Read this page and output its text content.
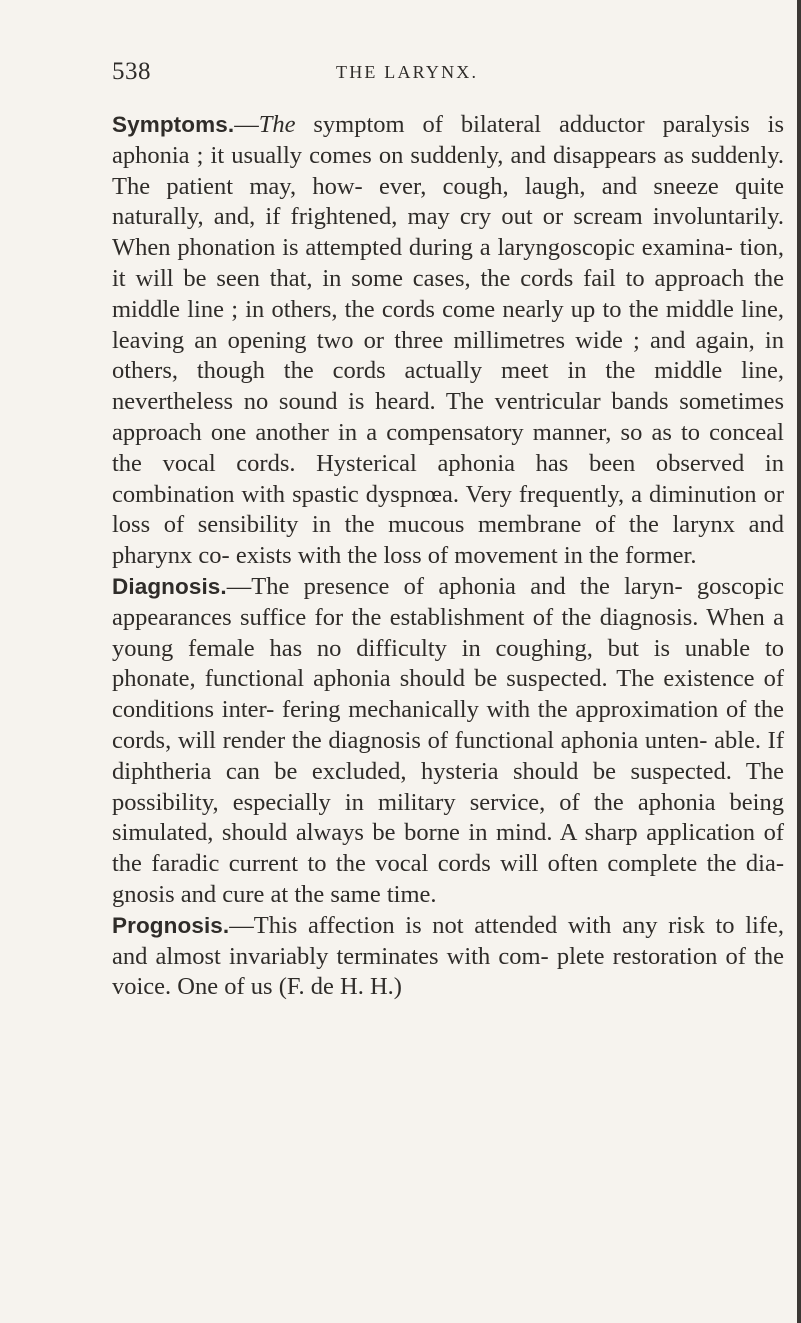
538	THE LARYNX.

Symptoms.—The symptom of bilateral adductor paralysis is aphonia ; it usually comes on suddenly, and disappears as suddenly. The patient may, how- ever, cough, laugh, and sneeze quite naturally, and, if frightened, may cry out or scream involuntarily. When phonation is attempted during a laryngoscopic examina- tion, it will be seen that, in some cases, the cords fail to approach the middle line ; in others, the cords come nearly up to the middle line, leaving an opening two or three millimetres wide ; and again, in others, though the cords actually meet in the middle line, nevertheless no sound is heard. The ventricular bands sometimes approach one another in a compensatory manner, so as to conceal the vocal cords. Hysterical aphonia has been observed in combination with spastic dyspnœa. Very frequently, a diminution or loss of sensibility in the mucous membrane of the larynx and pharynx co- exists with the loss of movement in the former.

Diagnosis.—The presence of aphonia and the laryn- goscopic appearances suffice for the establishment of the diagnosis. When a young female has no difficulty in coughing, but is unable to phonate, functional aphonia should be suspected. The existence of conditions inter- fering mechanically with the approximation of the cords, will render the diagnosis of functional aphonia unten- able. If diphtheria can be excluded, hysteria should be suspected. The possibility, especially in military service, of the aphonia being simulated, should always be borne in mind. A sharp application of the faradic current to the vocal cords will often complete the dia- gnosis and cure at the same time.

Prognosis.—This affection is not attended with any risk to life, and almost invariably terminates with com- plete restoration of the voice. One of us (F. de H. H.)
